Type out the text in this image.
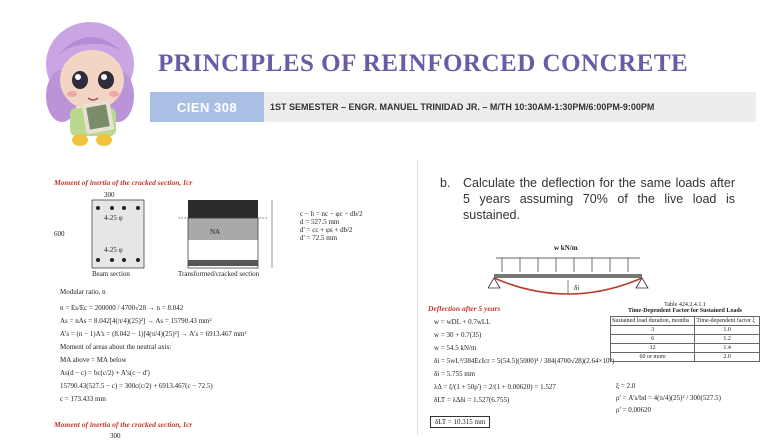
PRINCIPLES OF REINFORCED CONCRETE
CIEN 308	1ST SEMESTER – ENGR. MANUEL TRINIDAD JR. – M/TH 10:30AM-1:30PM/6:00PM-9:00PM
Moment of inertia of the cracked section, Icr
300
600
4-25 φ
4-25 φ
Beam section
NA
Transformed/cracked section
c − h = nc − φc − db/2
d = 527.5 mm
d' = cc + φs + db/2
d' = 72.5 mm
Modular ratio, n
n = Es/Ec = 200000 / 4700√28 → n = 8.042
As = nAs = 8.042[4(π/4)(25)²] → As = 15790.43 mm²
A's = (n − 1)A's = (8.042 − 1)[4(π/4)(25)²] → A's = 6913.467 mm²
Moment of areas about the neutral axis:
MA above = MA below
As(d − c) = bc(c/2) + A's(c − d')
15790.43(527.5 − c) = 300c(c/2) + 6913.467(c − 72.5)
c = 173.433 mm
Moment of inertia of the cracked section, Icr
300
b. Calculate the deflection for the same loads after 5 years assuming 70% of the live load is sustained.
w kN/m
δi
Deflection after 5 years
w = wDL + 0.7wLL
w = 30 + 0.7(35)
w = 54.5 kN/m
δi = 5wL⁴/384EcIcr = 5(54.5)(5000)⁴ / 384(4700√28)(2.64×10⁹)
δi = 5.755 mm
λΔ = ξ/(1 + 50ρ') = 2/(1 + 0.00620) = 1.527
δLT = λΔδi = 1.527(6.755)
δLT = 10.315 mm
Table 424.2.4.1.1
Time-Dependent Factor for Sustained Loads
Sustained load duration, months	Time-dependent factor ξ
3	1.0
6	1.2
12	1.4
60 or more	2.0
ξ = 2.0
ρ' = A's/bd = 4(π/4)(25)² / 300(527.5)
ρ' = 0.00620
